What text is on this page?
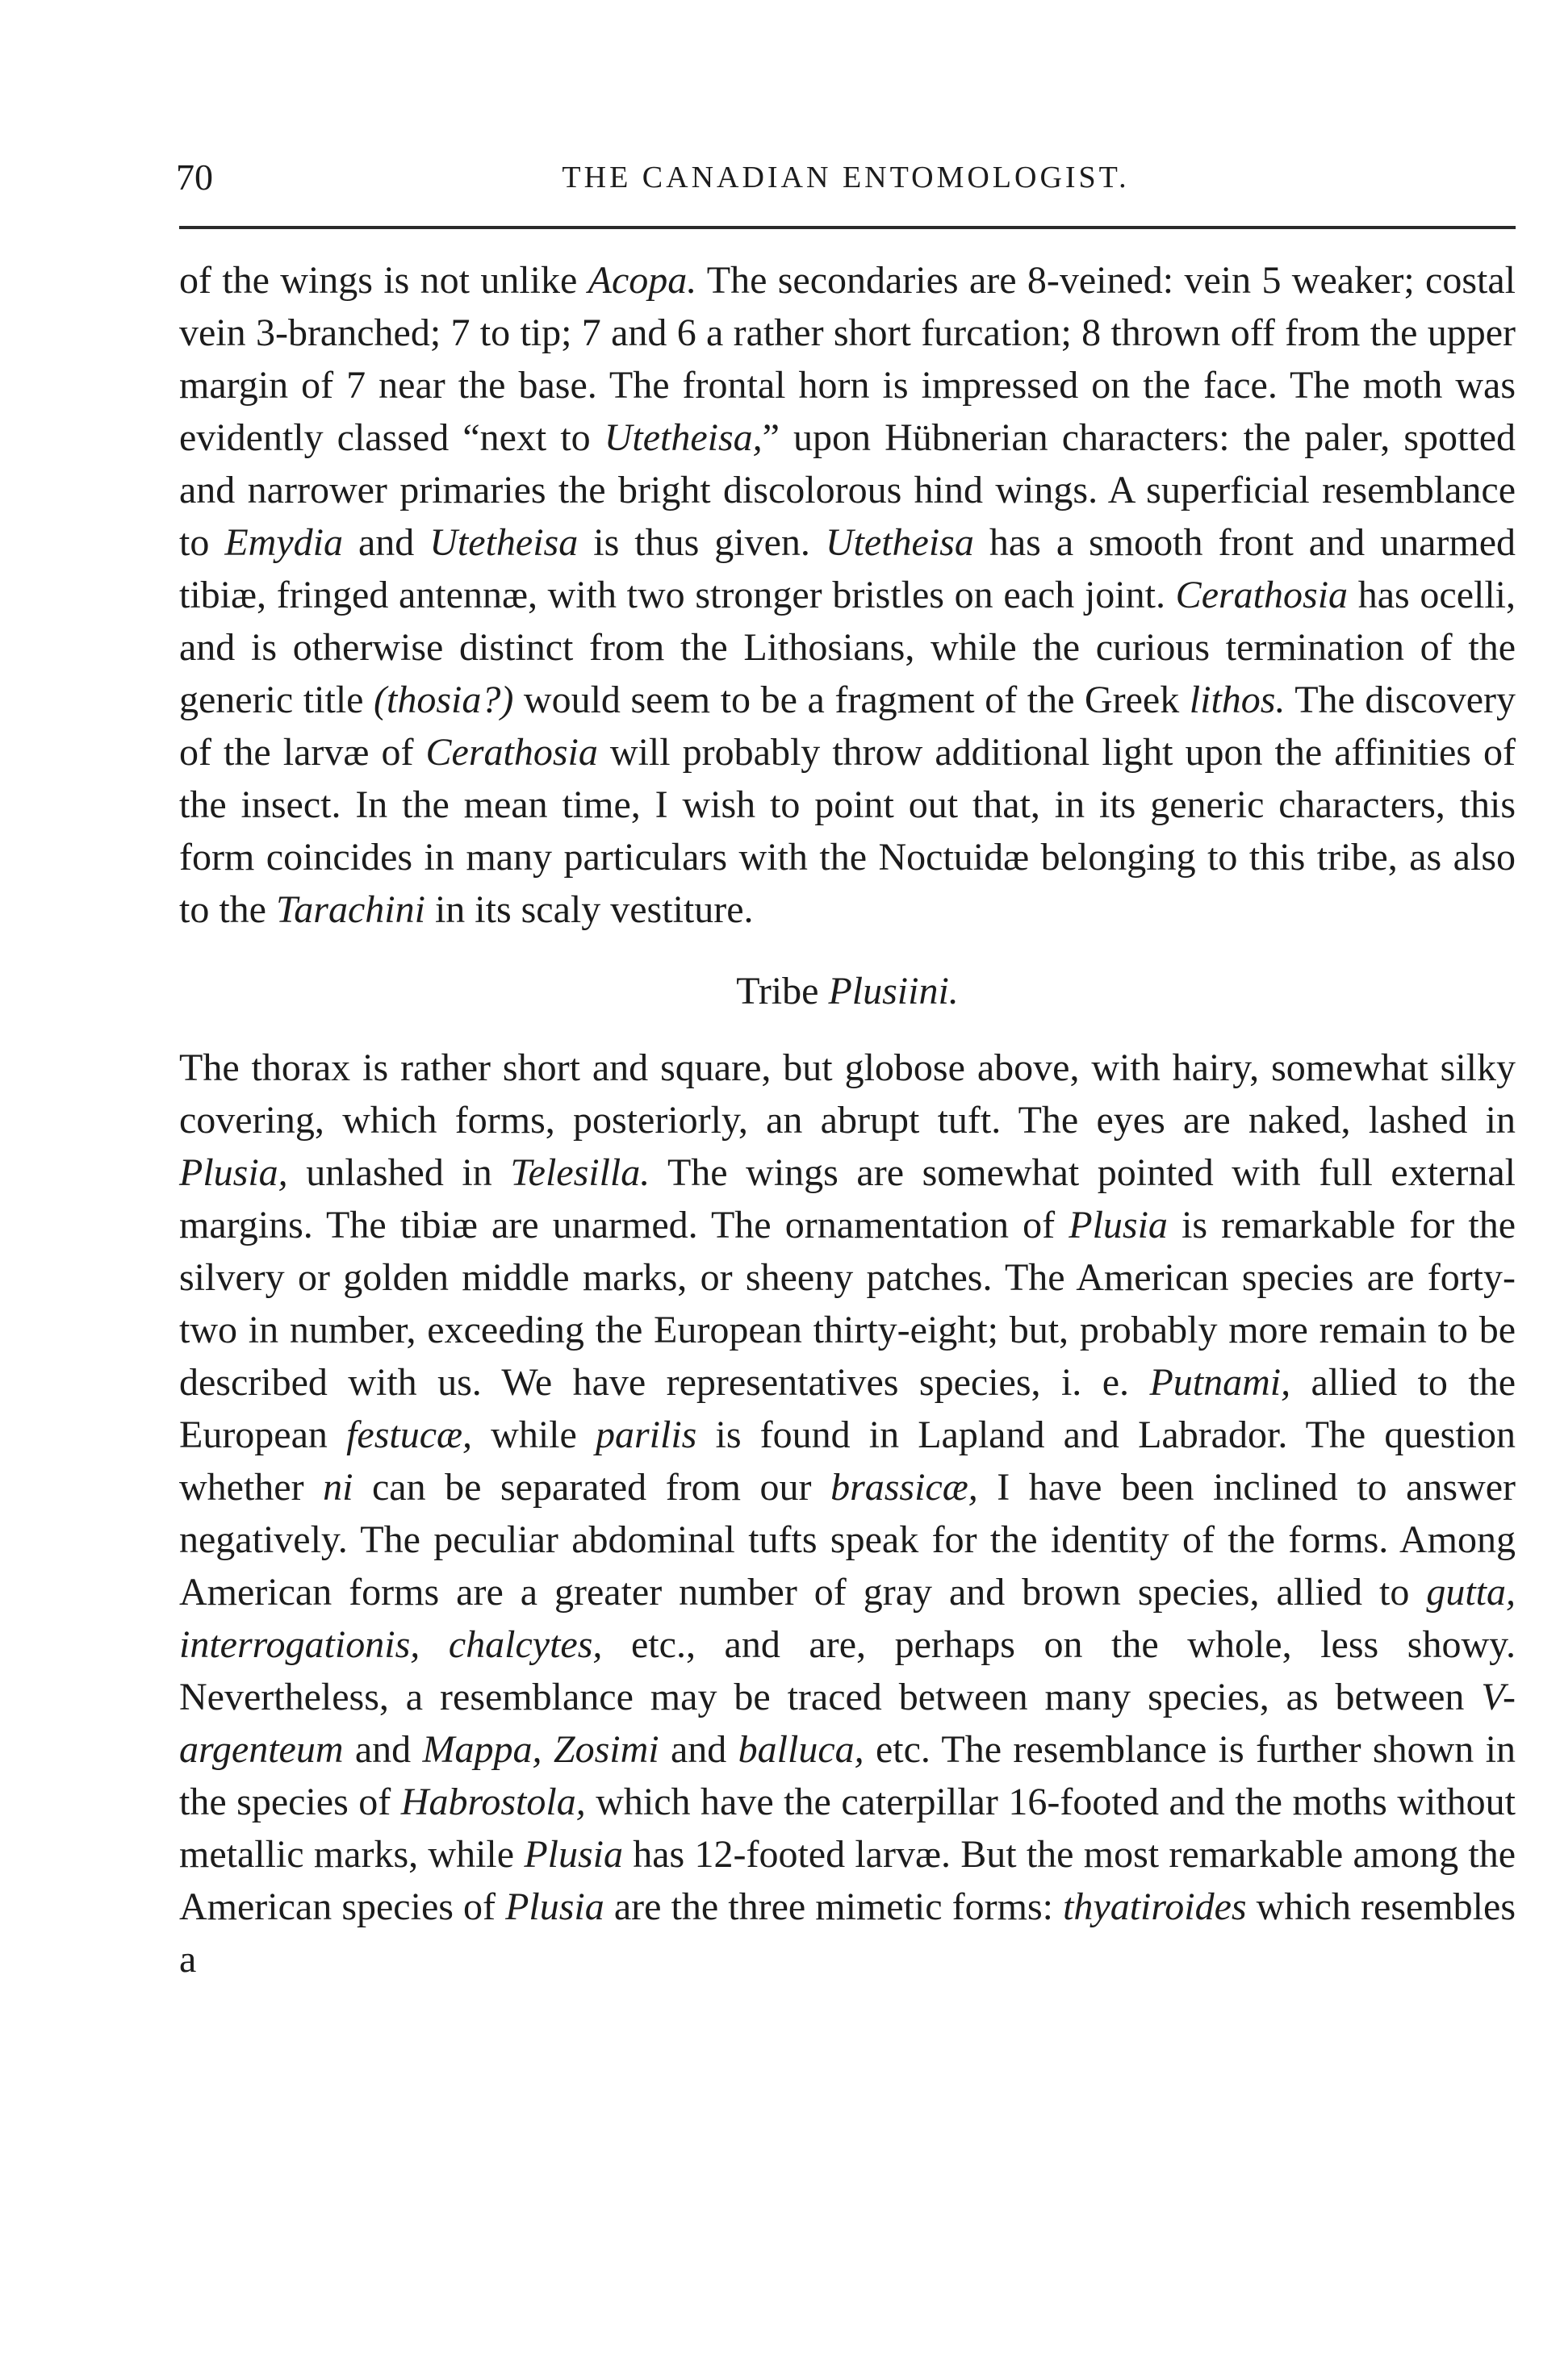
70	THE CANADIAN ENTOMOLOGIST.

of the wings is not unlike Acopa. The secondaries are 8-veined: vein 5 weaker; costal vein 3-branched; 7 to tip; 7 and 6 a rather short furcation; 8 thrown off from the upper margin of 7 near the base. The frontal horn is impressed on the face. The moth was evidently classed “next to Utetheisa,” upon Hübnerian characters: the paler, spotted and narrower primaries the bright discolorous hind wings. A superficial resemblance to Emydia and Utetheisa is thus given. Utetheisa has a smooth front and unarmed tibiæ, fringed antennæ, with two stronger bristles on each joint. Cerathosia has ocelli, and is otherwise distinct from the Lithosians, while the curious termination of the generic title (thosia?) would seem to be a fragment of the Greek lithos. The discovery of the larvæ of Cerathosia will probably throw additional light upon the affinities of the insect. In the mean time, I wish to point out that, in its generic characters, this form coincides in many particulars with the Noctuidæ belonging to this tribe, as also to the Tarachini in its scaly vestiture.

Tribe Plusiini.

The thorax is rather short and square, but globose above, with hairy, somewhat silky covering, which forms, posteriorly, an abrupt tuft. The eyes are naked, lashed in Plusia, unlashed in Telesilla. The wings are somewhat pointed with full external margins. The tibiæ are unarmed. The ornamentation of Plusia is remarkable for the silvery or golden middle marks, or sheeny patches. The American species are forty-two in number, exceeding the European thirty-eight; but, probably more remain to be described with us. We have representatives species, i. e. Putnami, allied to the European festucæ, while parilis is found in Lapland and Labrador. The question whether ni can be separated from our brassicæ, I have been inclined to answer negatively. The peculiar abdominal tufts speak for the identity of the forms. Among American forms are a greater number of gray and brown species, allied to gutta, interrogationis, chalcytes, etc., and are, perhaps on the whole, less showy. Nevertheless, a resemblance may be traced between many species, as between V-argenteum and Mappa, Zosimi and balluca, etc. The resemblance is further shown in the species of Habrostola, which have the caterpillar 16-footed and the moths without metallic marks, while Plusia has 12-footed larvæ. But the most remarkable among the American species of Plusia are the three mimetic forms: thyatiroides which resembles a
